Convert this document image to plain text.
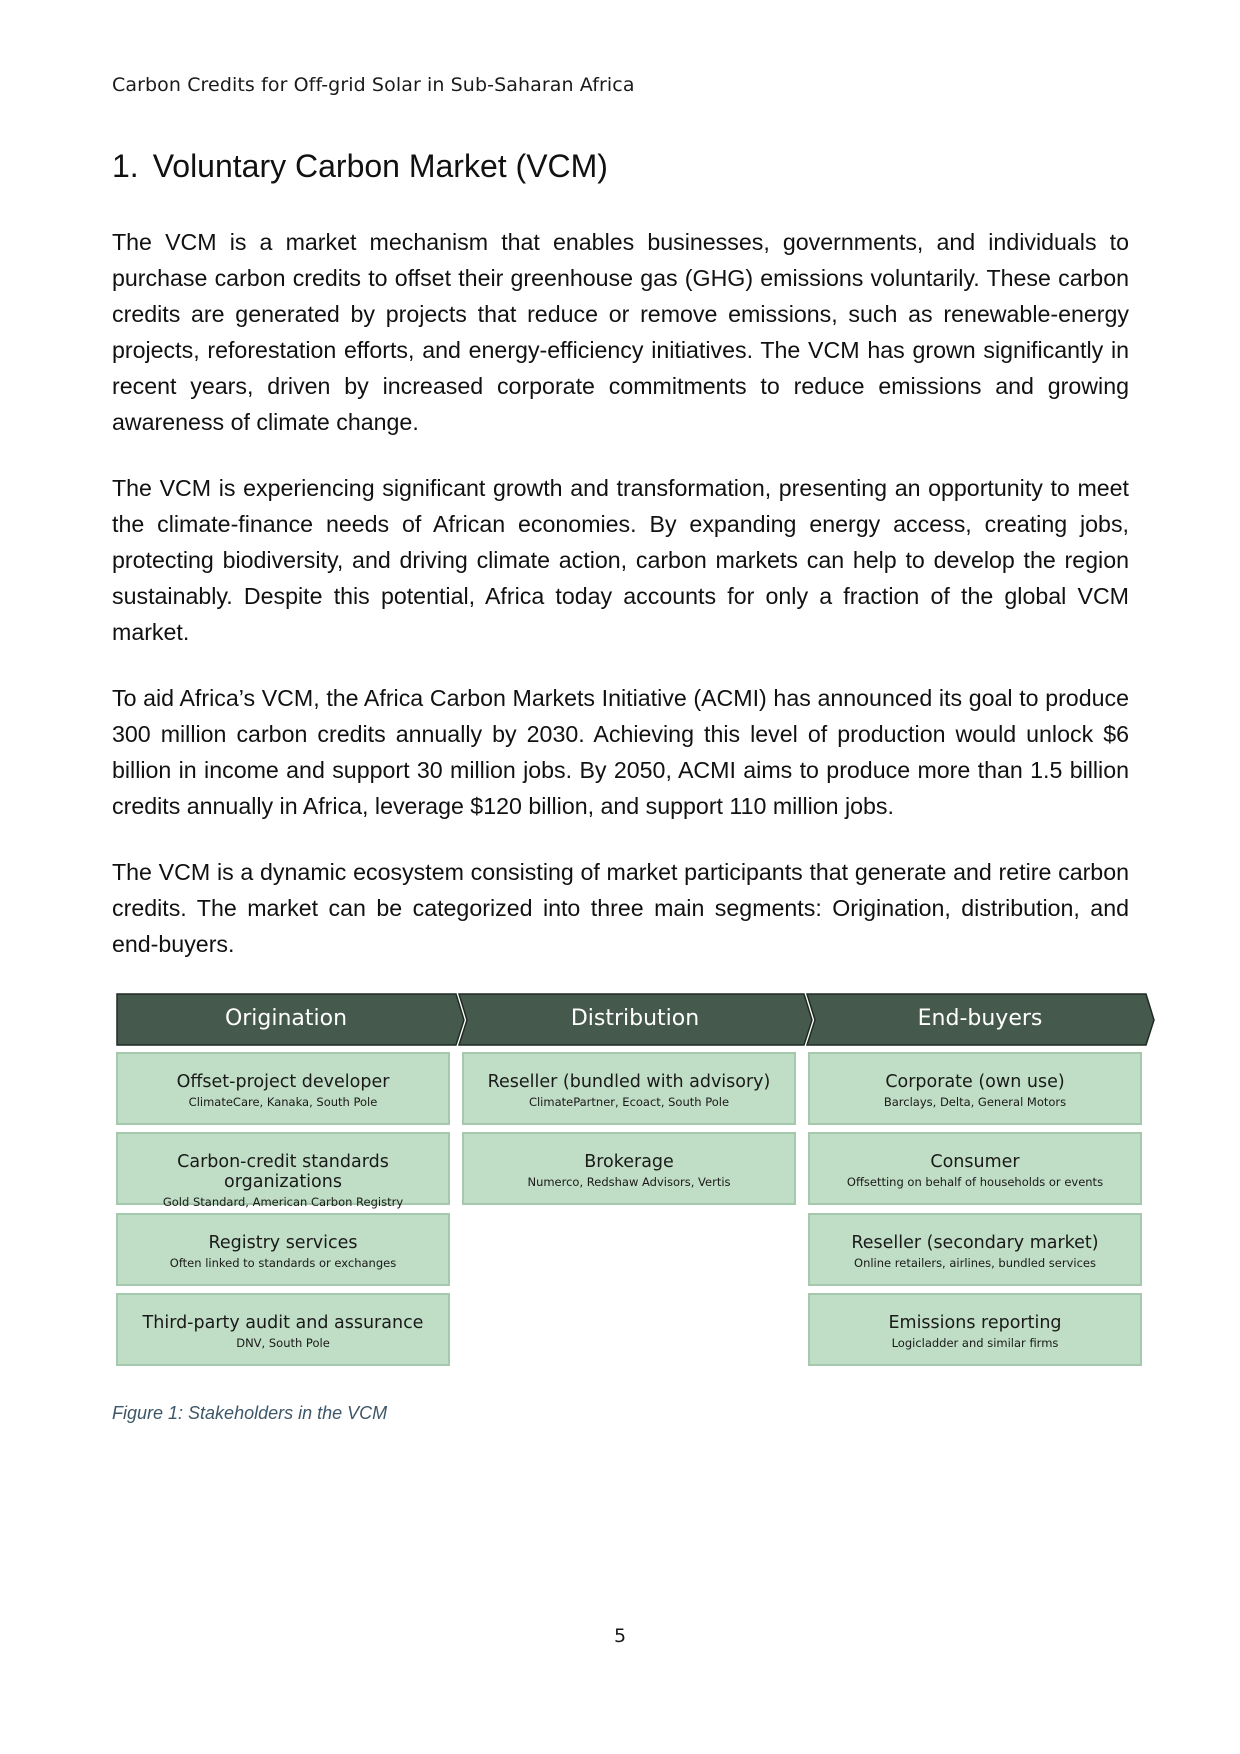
Carbon Credits for Off-grid Solar in Sub-Saharan Africa
1. Voluntary Carbon Market (VCM)

The VCM is a market mechanism that enables businesses, governments, and individuals to purchase carbon credits to offset their greenhouse gas (GHG) emissions voluntarily. These carbon credits are generated by projects that reduce or remove emissions, such as renewable-energy projects, reforestation efforts, and energy-efficiency initiatives. The VCM has grown significantly in recent years, driven by increased corporate commitments to reduce emissions and growing awareness of climate change.

The VCM is experiencing significant growth and transformation, presenting an opportunity to meet the climate-finance needs of African economies. By expanding energy access, creating jobs, protecting biodiversity, and driving climate action, carbon markets can help to develop the region sustainably. Despite this potential, Africa today accounts for only a fraction of the global VCM market.

To aid Africa’s VCM, the Africa Carbon Markets Initiative (ACMI) has announced its goal to produce 300 million carbon credits annually by 2030. Achieving this level of production would unlock $6 billion in income and support 30 million jobs. By 2050, ACMI aims to produce more than 1.5 billion credits annually in Africa, leverage $120 billion, and support 110 million jobs.

The VCM is a dynamic ecosystem consisting of market participants that generate and retire carbon credits. The market can be categorized into three main segments: Origination, distribution, and end-buyers.

Origination	Distribution	End-buyers
Offset-project developer
ClimateCare, Kanaka, South Pole
Carbon-credit standards organizations
Gold Standard, American Carbon Registry
Registry services
Often linked to standards or exchanges
Third-party audit and assurance
DNV, South Pole
Reseller (bundled with advisory)
ClimatePartner, Ecoact, South Pole
Brokerage
Numerco, Redshaw Advisors, Vertis
Corporate (own use)
Barclays, Delta, General Motors
Consumer
Offsetting on behalf of households or events
Reseller (secondary market)
Online retailers, airlines, bundled services
Emissions reporting
Logicladder and similar firms
Figure 1: Stakeholders in the VCM
5
